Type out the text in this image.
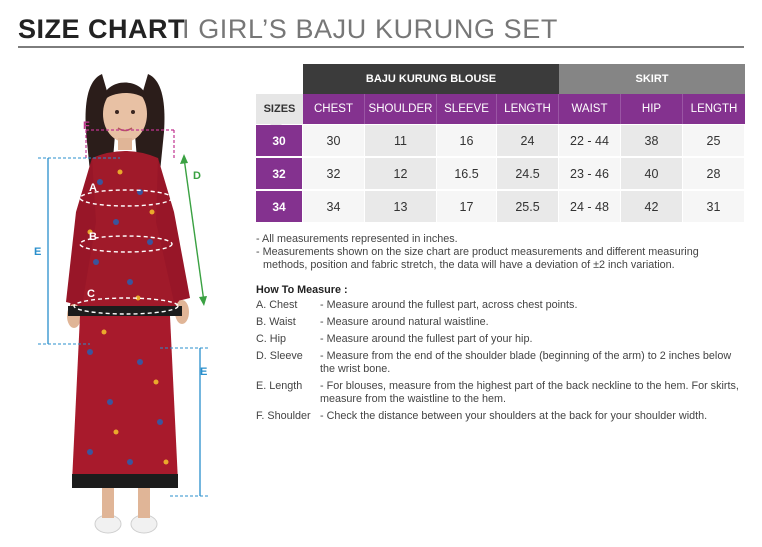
SIZE CHART
I GIRL’S BAJU KURUNG SET
F
A
B
C
D
E
E
BAJU KURUNG BLOUSE	SKIRT
SIZES	CHEST	SHOULDER	SLEEVE	LENGTH	WAIST	HIP	LENGTH
30	30	11	16	24	22 - 44	38	25
32	32	12	16.5	24.5	23 - 46	40	28
34	34	13	17	25.5	24 - 48	42	31
- All measurements represented in inches.
- Measurements shown on the size chart are product measurements and different measuring
methods, position and fabric stretch, the data will have a deviation of ±2 inch variation.
How To Measure :
A. Chest	- Measure around the fullest part, across chest points.
B. Waist	- Measure around natural waistline.
C. Hip	- Measure around the fullest part of your hip.
D. Sleeve	- Measure from the end of the shoulder blade (beginning of the arm) to 2 inches below the wrist bone.
E. Length	- For blouses, measure from the highest part of the back neckline to the hem. For skirts, measure from the waistline to the hem.
F. Shoulder - Check the distance between your shoulders at the back for your shoulder width.
